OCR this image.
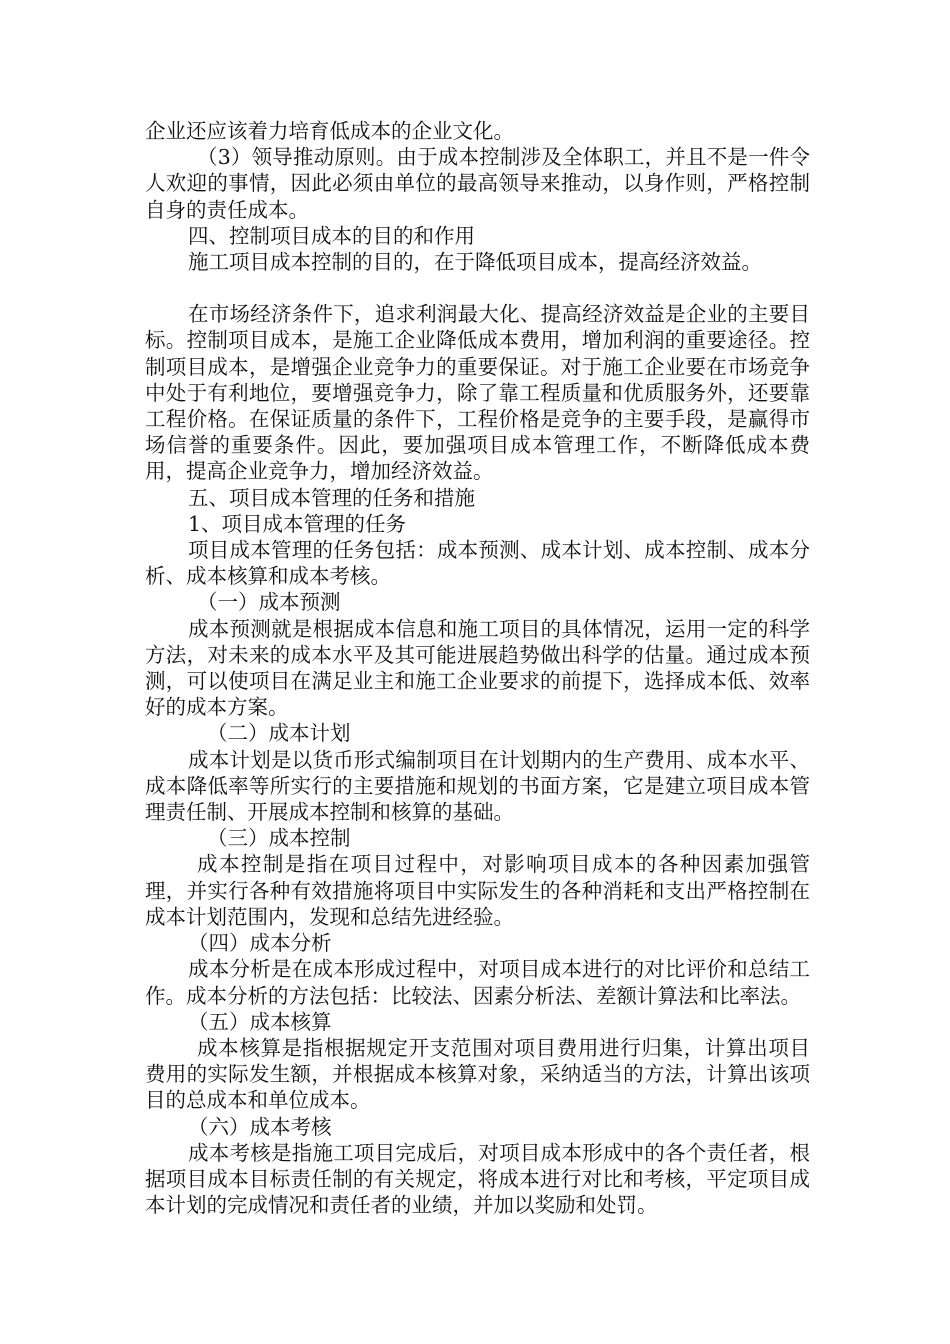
企业还应该着力培育低成本的企业文化。

（3）领导推动原则。由于成本控制涉及全体职工，并且不是一件令人欢迎的事情，因此必须由单位的最高领导来推动，以身作则，严格控制自身的责任成本。

四、控制项目成本的目的和作用

施工项目成本控制的目的，在于降低项目成本，提高经济效益。

在市场经济条件下，追求利润最大化、提高经济效益是企业的主要目标。控制项目成本，是施工企业降低成本费用，增加利润的重要途径。控制项目成本，是增强企业竞争力的重要保证。对于施工企业要在市场竞争中处于有利地位，要增强竞争力，除了靠工程质量和优质服务外，还要靠工程价格。在保证质量的条件下，工程价格是竞争的主要手段，是赢得市场信誉的重要条件。因此，要加强项目成本管理工作，不断降低成本费用，提高企业竞争力，增加经济效益。

五、项目成本管理的任务和措施

1、项目成本管理的任务

项目成本管理的任务包括：成本预测、成本计划、成本控制、成本分析、成本核算和成本考核。

（一）成本预测

成本预测就是根据成本信息和施工项目的具体情况，运用一定的科学方法，对未来的成本水平及其可能进展趋势做出科学的估量。通过成本预测，可以使项目在满足业主和施工企业要求的前提下，选择成本低、效率好的成本方案。

（二）成本计划

成本计划是以货币形式编制项目在计划期内的生产费用、成本水平、成本降低率等所实行的主要措施和规划的书面方案，它是建立项目成本管理责任制、开展成本控制和核算的基础。

（三）成本控制

成本控制是指在项目过程中，对影响项目成本的各种因素加强管理，并实行各种有效措施将项目中实际发生的各种消耗和支出严格控制在成本计划范围内，发现和总结先进经验。

（四）成本分析

成本分析是在成本形成过程中，对项目成本进行的对比评价和总结工作。成本分析的方法包括：比较法、因素分析法、差额计算法和比率法。

（五）成本核算

成本核算是指根据规定开支范围对项目费用进行归集，计算出项目费用的实际发生额，并根据成本核算对象，采纳适当的方法，计算出该项目的总成本和单位成本。

（六）成本考核

成本考核是指施工项目完成后，对项目成本形成中的各个责任者，根据项目成本目标责任制的有关规定，将成本进行对比和考核，平定项目成本计划的完成情况和责任者的业绩，并加以奖励和处罚。
